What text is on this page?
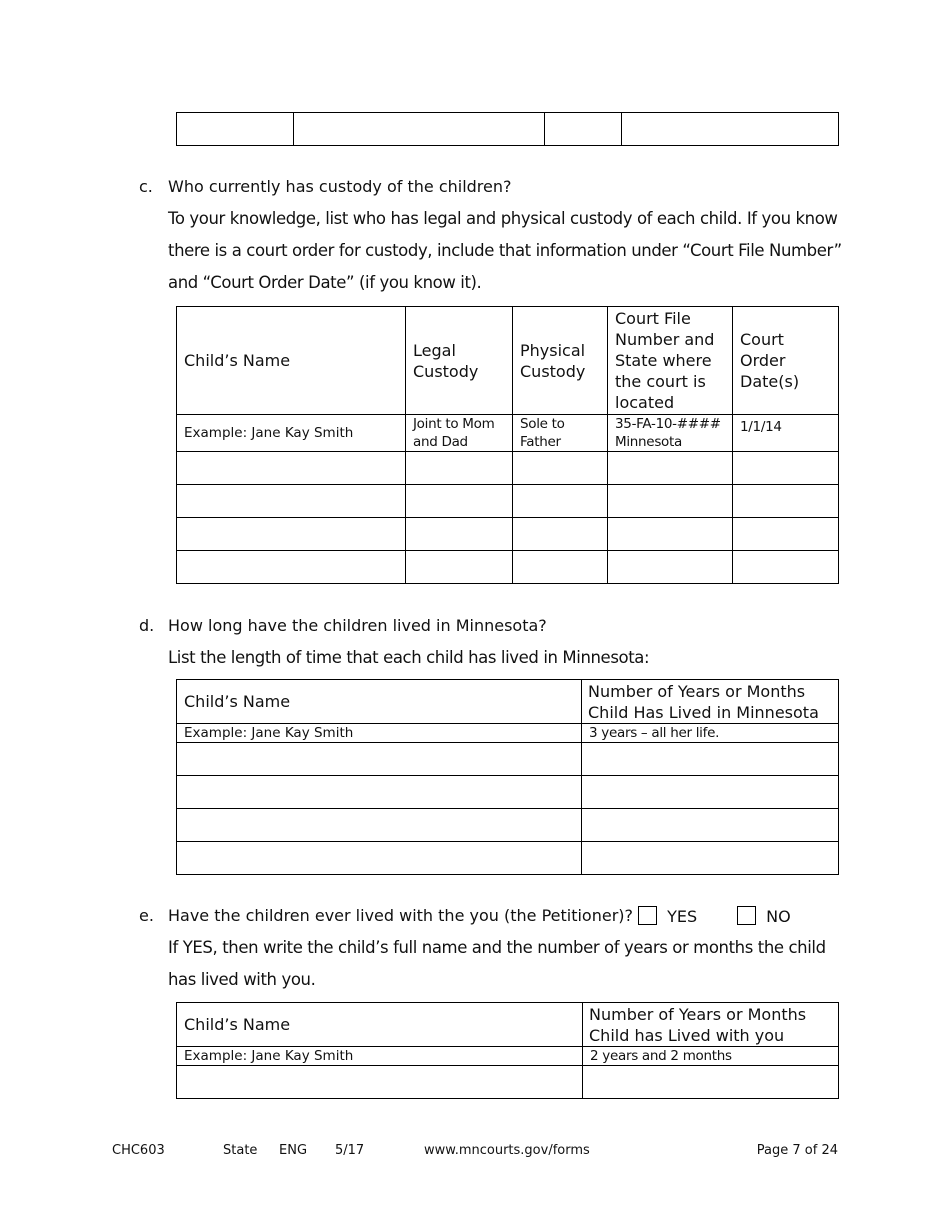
c. Who currently has custody of the children?
To your knowledge, list who has legal and physical custody of each child. If you know there is a court order for custody, include that information under “Court File Number” and “Court Order Date” (if you know it).
Child’s Name	Legal Custody	Physical Custody	Court File Number and State where the court is located	Court Order Date(s)
Example: Jane Kay Smith	Joint to Mom and Dad	Sole to Father	35-FA-10-#### Minnesota	1/1/14

d. How long have the children lived in Minnesota?
List the length of time that each child has lived in Minnesota:
Child’s Name	Number of Years or Months Child Has Lived in Minnesota
Example: Jane Kay Smith	3 years – all her life.

e. Have the children ever lived with the you (the Petitioner)?	YES	NO
If YES, then write the child’s full name and the number of years or months the child has lived with you.
Child’s Name	Number of Years or Months Child has Lived with you
Example: Jane Kay Smith	2 years and 2 months

CHC603	State ENG 5/17	www.mncourts.gov/forms	Page 7 of 24
